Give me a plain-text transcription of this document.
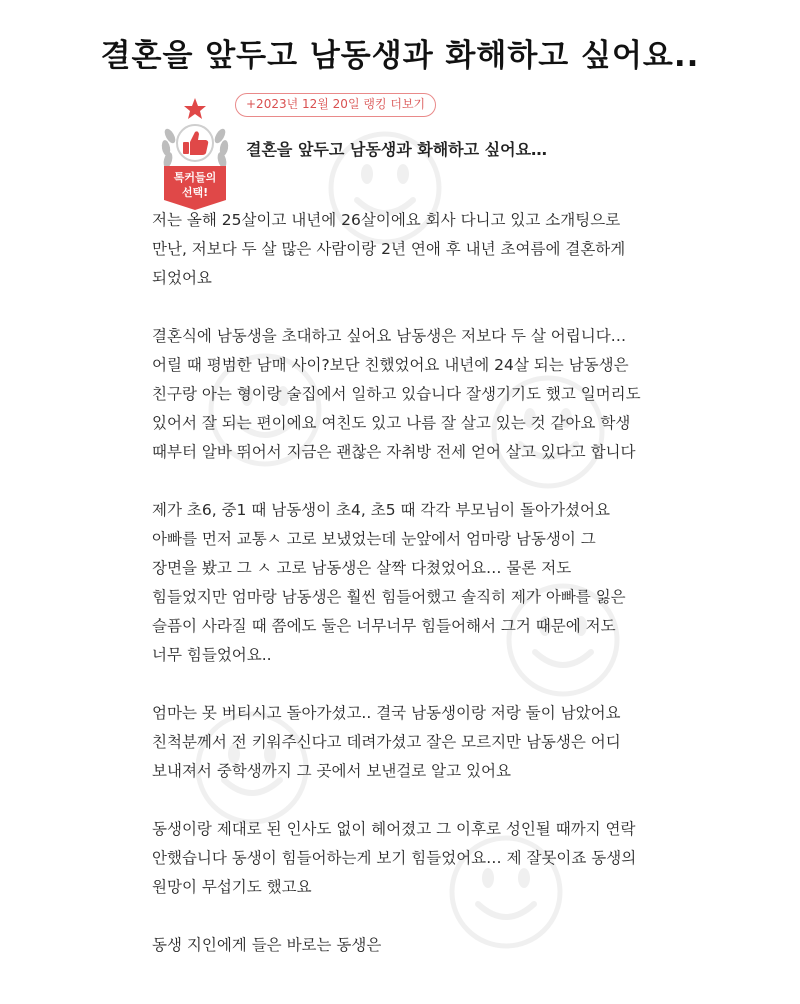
결혼을 앞두고 남동생과 화해하고 싶어요..
톡커들의
선택!
+2023년 12월 20일 랭킹 더보기
결혼을 앞두고 남동생과 화해하고 싶어요…

저는 올해 25살이고 내년에 26살이에요 회사 다니고 있고 소개팅으로 만난, 저보다 두 살 많은 사람이랑 2년 연애 후 내년 초여름에 결혼하게 되었어요

결혼식에 남동생을 초대하고 싶어요 남동생은 저보다 두 살 어립니다… 어릴 때 평범한 남매 사이?보단 친했었어요 내년에 24살 되는 남동생은 친구랑 아는 형이랑 술집에서 일하고 있습니다 잘생기기도 했고 일머리도 있어서 잘 되는 편이에요 여친도 있고 나름 잘 살고 있는 것 같아요 학생 때부터 알바 뛰어서 지금은 괜찮은 자취방 전세 얻어 살고 있다고 합니다

제가 초6, 중1 때 남동생이 초4, 초5 때 각각 부모님이 돌아가셨어요 아빠를 먼저 교통ㅅ 고로 보냈었는데 눈앞에서 엄마랑 남동생이 그 장면을 봤고 그 ㅅ 고로 남동생은 살짝 다쳤었어요… 물론 저도 힘들었지만 엄마랑 남동생은 훨씬 힘들어했고 솔직히 제가 아빠를 잃은 슬픔이 사라질 때 쯤에도 둘은 너무너무 힘들어해서 그거 때문에 저도 너무 힘들었어요..

엄마는 못 버티시고 돌아가셨고.. 결국 남동생이랑 저랑 둘이 남았어요 친척분께서 전 키워주신다고 데려가셨고 잘은 모르지만 남동생은 어디 보내져서 중학생까지 그 곳에서 보낸걸로 알고 있어요

동생이랑 제대로 된 인사도 없이 헤어졌고 그 이후로 성인될 때까지 연락 안했습니다 동생이 힘들어하는게 보기 힘들었어요… 제 잘못이죠 동생의 원망이 무섭기도 했고요

동생 지인에게 들은 바로는 동생은
